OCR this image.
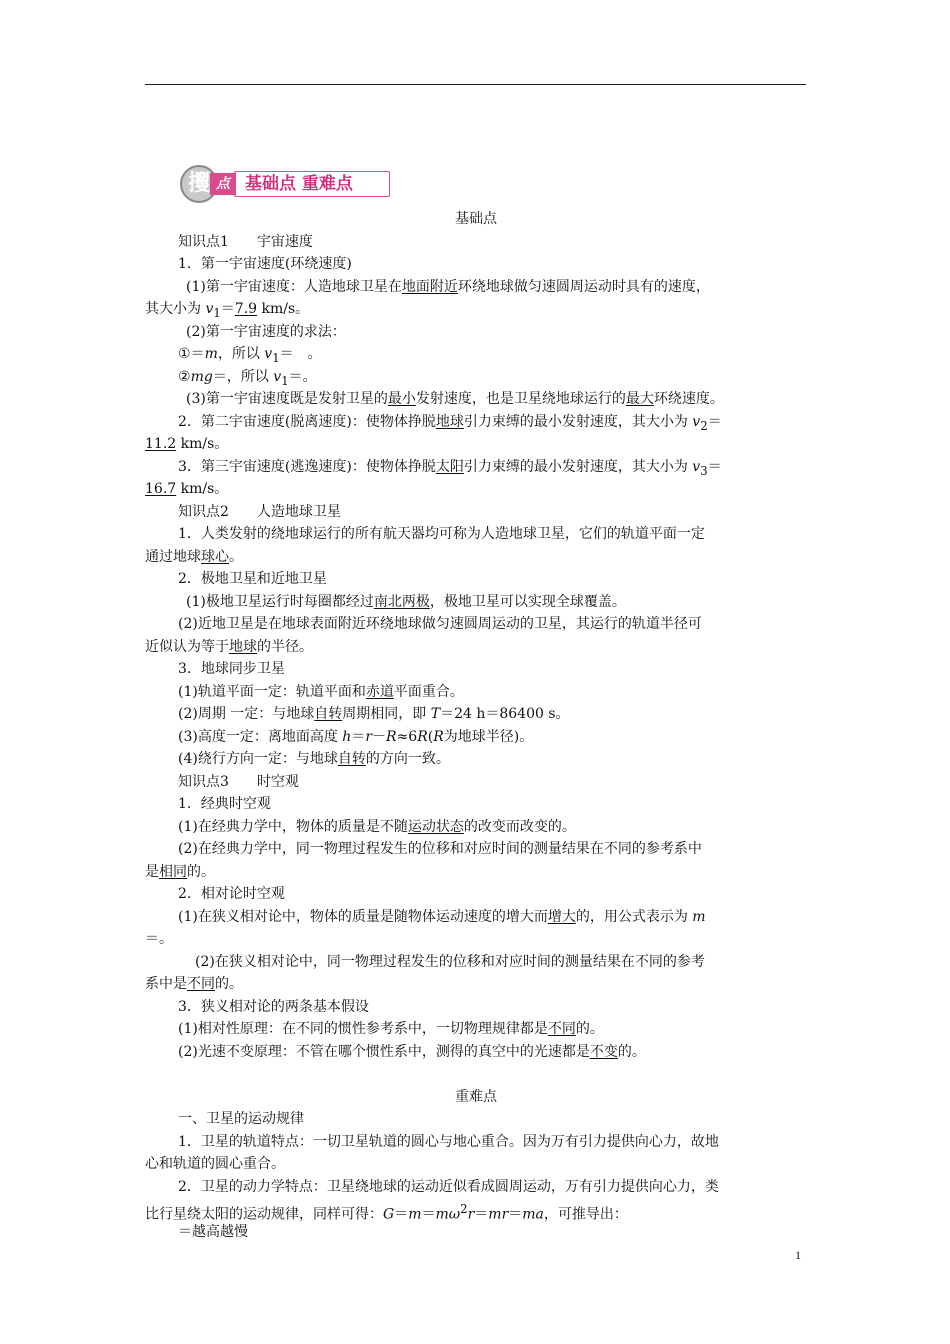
攫 点 基础点 重难点
基础点
知识点1　　宇宙速度
1．第一宇宙速度(环绕速度)
(1)第一宇宙速度：人造地球卫星在地面附近环绕地球做匀速圆周运动时具有的速度，
其大小为 $v_1=7.9$ km/s。
(2)第一宇宙速度的求法：
①＝m，所以 $v_1=$　。
②mg＝，所以 $v_1=$。
(3)第一宇宙速度既是发射卫星的最小发射速度，也是卫星绕地球运行的最大环绕速度。
2．第二宇宙速度(脱离速度)：使物体挣脱地球引力束缚的最小发射速度，其大小为 $v_2=$
11.2 km/s。
3．第三宇宙速度(逃逸速度)：使物体挣脱太阳引力束缚的最小发射速度，其大小为 $v_3=$
16.7 km/s。
知识点2　　人造地球卫星
1．人类发射的绕地球运行的所有航天器均可称为人造地球卫星，它们的轨道平面一定
通过地球球心。
2．极地卫星和近地卫星
(1)极地卫星运行时每圈都经过南北两极，极地卫星可以实现全球覆盖。
(2)近地卫星是在地球表面附近环绕地球做匀速圆周运动的卫星，其运行的轨道半径可
近似认为等于地球的半径。
3．地球同步卫星
(1)轨道平面一定：轨道平面和赤道平面重合。
(2)周期 一定：与地球自转周期相同，即 T＝24 h＝86400 s。
(3)高度一定：离地面高度 h＝r－R≈6R(R为地球半径)。
(4)绕行方向一定：与地球自转的方向一致。
知识点3　　时空观
1．经典时空观
(1)在经典力学中，物体的质量是不随运动状态的改变而改变的。
(2)在经典力学中，同一物理过程发生的位移和对应时间的测量结果在不同的参考系中
是相同的。
2．相对论时空观
(1)在狭义相对论中，物体的质量是随物体运动速度的增大而增大的，用公式表示为 m
＝。
(2)在狭义相对论中，同一物理过程发生的位移和对应时间的测量结果在不同的参考
系中是不同的。
3．狭义相对论的两条基本假设
(1)相对性原理：在不同的惯性参考系中，一切物理规律都是不同的。
(2)光速不变原理：不管在哪个惯性系中，测得的真空中的光速都是不变的。
重难点
一、卫星的运动规律
1．卫星的轨道特点：一切卫星轨道的圆心与地心重合。因为万有引力提供向心力，故地
心和轨道的圆心重合。
2．卫星的动力学特点：卫星绕地球的运动近似看成圆周运动，万有引力提供向心力，类
比行星绕太阳的运动规律，同样可得：$G=m=m\omega^2r=mr=ma$，可推导出：
＝越高越慢
1
